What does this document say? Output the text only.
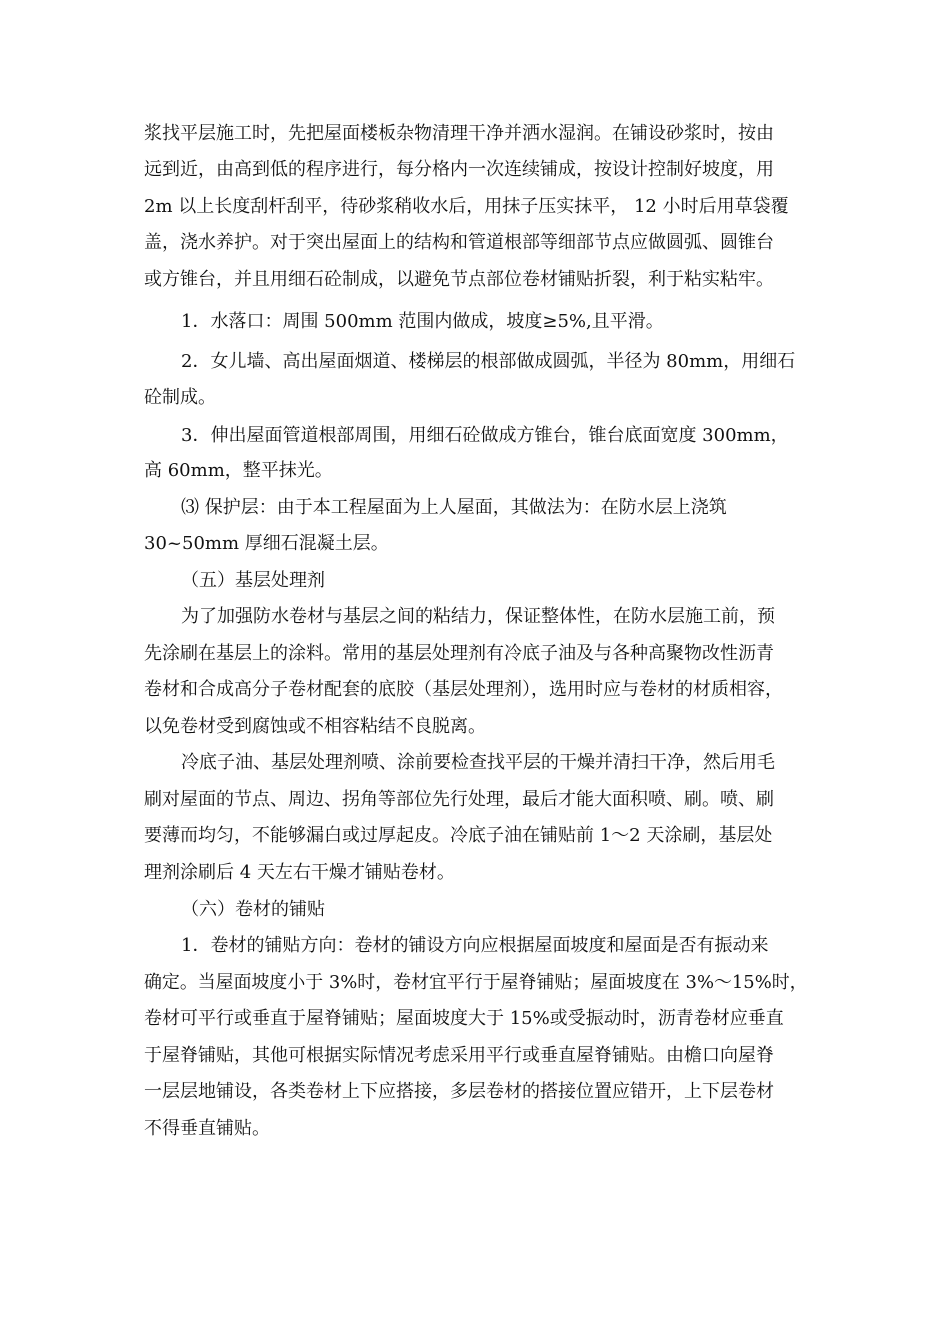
浆找平层施工时，先把屋面楼板杂物清理干净并洒水湿润。在铺设砂浆时，按由
远到近，由高到低的程序进行，每分格内一次连续铺成，按设计控制好坡度，用
2m 以上长度刮杆刮平，待砂浆稍收水后，用抹子压实抹平， 12 小时后用草袋覆
盖，浇水养护。对于突出屋面上的结构和管道根部等细部节点应做圆弧、圆锥台
或方锥台，并且用细石砼制成，以避免节点部位卷材铺贴折裂，利于粘实粘牢。
1．水落口：周围 500mm 范围内做成，坡度≥5%,且平滑。
2．女儿墙、高出屋面烟道、楼梯层的根部做成圆弧，半径为 80mm，用细石
砼制成。
3．伸出屋面管道根部周围，用细石砼做成方锥台，锥台底面宽度 300mm，
高 60mm，整平抹光。
⑶ 保护层：由于本工程屋面为上人屋面，其做法为：在防水层上浇筑
30~50mm 厚细石混凝土层。
（五）基层处理剂
为了加强防水卷材与基层之间的粘结力，保证整体性，在防水层施工前，预
先涂刷在基层上的涂料。常用的基层处理剂有冷底子油及与各种高聚物改性沥青
卷材和合成高分子卷材配套的底胶（基层处理剂），选用时应与卷材的材质相容，
以免卷材受到腐蚀或不相容粘结不良脱离。
冷底子油、基层处理剂喷、涂前要检查找平层的干燥并清扫干净，然后用毛
刷对屋面的节点、周边、拐角等部位先行处理，最后才能大面积喷、刷。喷、刷
要薄而均匀，不能够漏白或过厚起皮。冷底子油在铺贴前 1～2 天涂刷，基层处
理剂涂刷后 4 天左右干燥才铺贴卷材。
（六）卷材的铺贴
1．卷材的铺贴方向：卷材的铺设方向应根据屋面坡度和屋面是否有振动来
确定。当屋面坡度小于 3%时，卷材宜平行于屋脊铺贴；屋面坡度在 3%～15%时，
卷材可平行或垂直于屋脊铺贴；屋面坡度大于 15%或受振动时，沥青卷材应垂直
于屋脊铺贴，其他可根据实际情况考虑采用平行或垂直屋脊铺贴。由檐口向屋脊
一层层地铺设，各类卷材上下应搭接，多层卷材的搭接位置应错开，上下层卷材
不得垂直铺贴。
